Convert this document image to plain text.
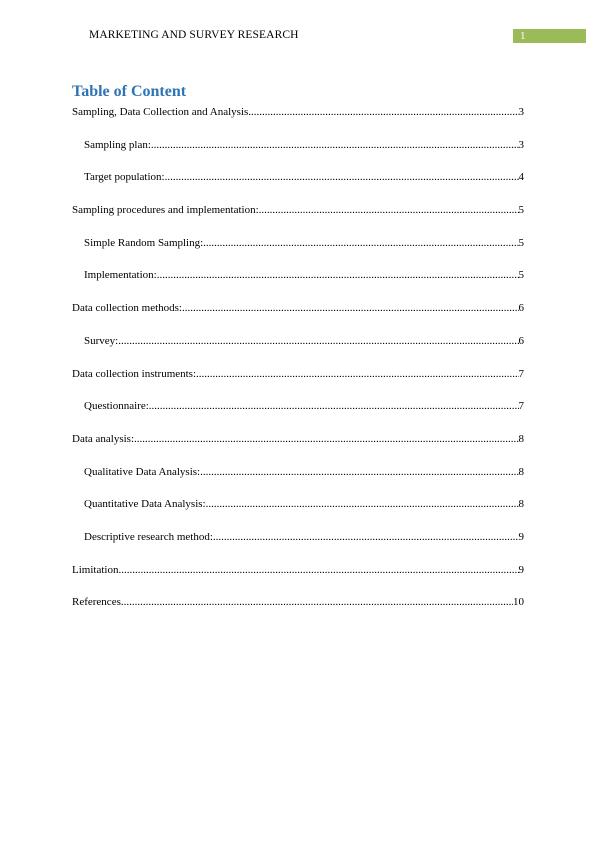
MARKETING AND SURVEY RESEARCH	1
Table of Content
Sampling, Data Collection and Analysis .....	3
Sampling plan: .....	3
Target population: .....	4
Sampling procedures and implementation: .....	5
Simple Random Sampling: .....	5
Implementation: .....	5
Data collection methods: .....	6
Survey: .....	6
Data collection instruments: .....	7
Questionnaire: .....	7
Data analysis: .....	8
Qualitative Data Analysis: .....	8
Quantitative Data Analysis: .....	8
Descriptive research method: .....	9
Limitation .....	9
References .....	10
